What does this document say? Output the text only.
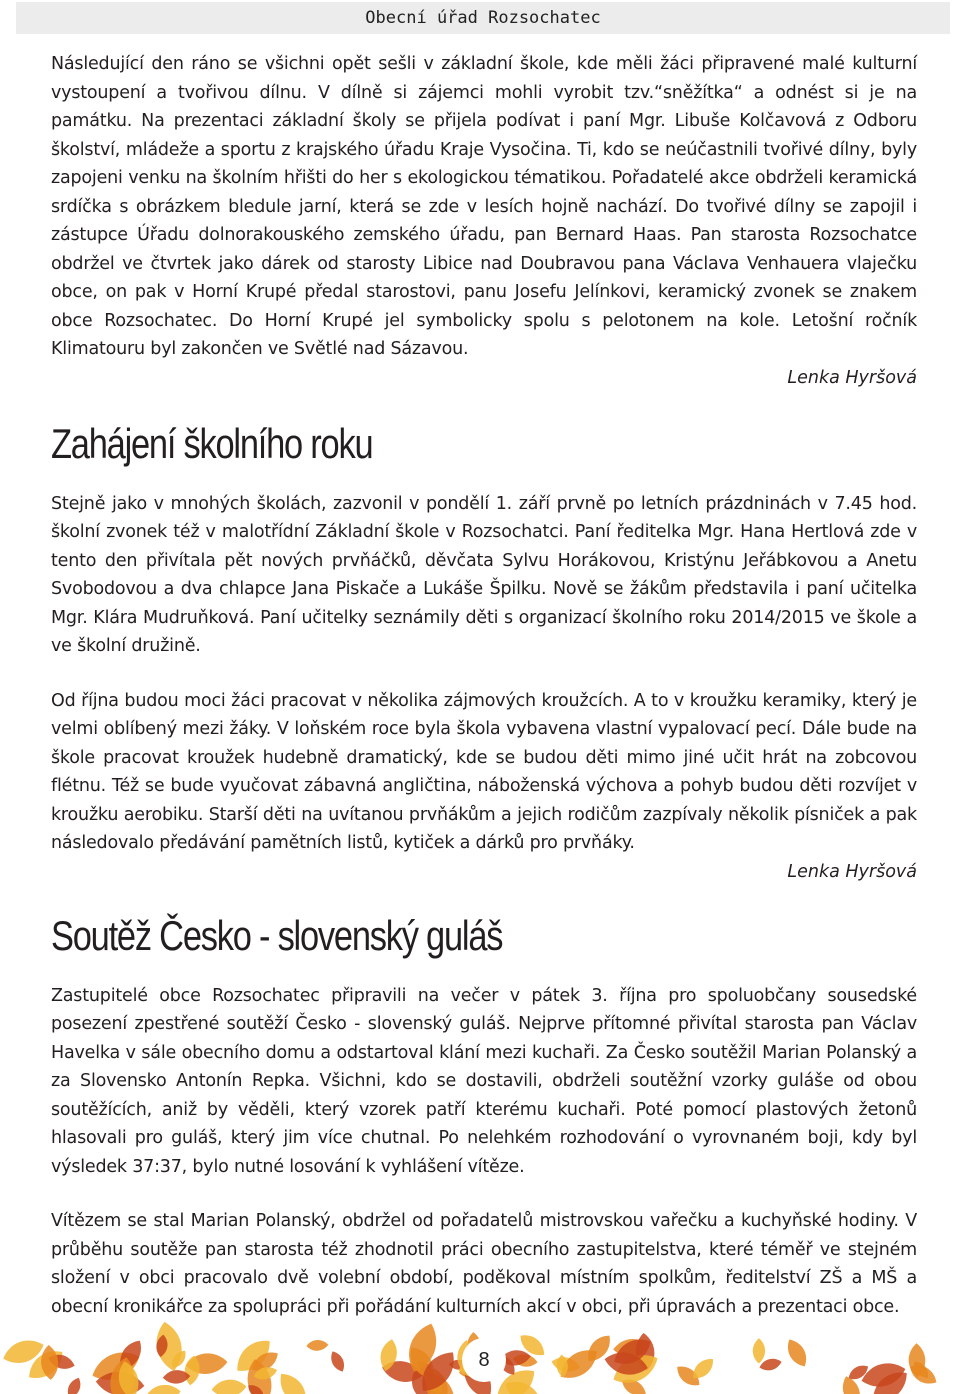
Obecní úřad Rozsochatec

Následující den ráno se všichni opět sešli v základní škole, kde měli žáci připravené malé kulturní vystoupení a tvořivou dílnu. V dílně si zájemci mohli vyrobit tzv.“sněžítka“ a odnést si je na památku. Na prezentaci základní školy se přijela podívat i paní Mgr. Libuše Kolčavová z Odboru školství, mládeže a sportu z krajského úřadu Kraje Vysočina. Ti, kdo se neúčastnili tvořivé dílny, byly zapojeni venku na školním hřišti do her s ekologickou tématikou. Pořadatelé akce obdrželi keramická srdíčka s obrázkem bledule jarní, která se zde v lesích hojně nachází. Do tvořivé dílny se zapojil i zástupce Úřadu dolnorakouského zemského úřadu, pan Bernard Haas. Pan starosta Rozsochatce obdržel ve čtvrtek jako dárek od starosty Libice nad Doubravou pana Václava Venhauera vlaječku obce, on pak v Horní Krupé předal starostovi, panu Josefu Jelínkovi, keramický zvonek se znakem obce Rozsochatec. Do Horní Krupé jel symbolicky spolu s pelotonem na kole. Letošní ročník Klimatouru byl zakončen ve Světlé nad Sázavou.

Lenka Hyršová

Zahájení školního roku

Stejně jako v mnohých školách, zazvonil v pondělí 1. září prvně po letních prázdninách v 7.45 hod. školní zvonek též v malotřídní Základní škole v Rozsochatci. Paní ředitelka Mgr. Hana Hertlová zde v tento den přivítala pět nových prvňáčků, děvčata Sylvu Horákovou, Kristýnu Jeřábkovou a Anetu Svobodovou a dva chlapce Jana Piskače a Lukáše Špilku. Nově se žákům představila i paní učitelka Mgr. Klára Mudruňková. Paní učitelky seznámily děti s organizací školního roku 2014/2015 ve škole a ve školní družině.

Od října budou moci žáci pracovat v několika zájmových kroužcích. A to v kroužku keramiky, který je velmi oblíbený mezi žáky. V loňském roce byla škola vybavena vlastní vypalovací pecí. Dále bude na škole pracovat kroužek hudebně dramatický, kde se budou děti mimo jiné učit hrát na zobcovou flétnu. Též se bude vyučovat zábavná angličtina, náboženská výchova a pohyb budou děti rozvíjet v kroužku aerobiku. Starší děti na uvítanou prvňákům a jejich rodičům zazpívaly několik písniček a pak následovalo předávání pamětních listů, kytiček a dárků pro prvňáky.

Lenka Hyršová

Soutěž Česko - slovenský guláš

Zastupitelé obce Rozsochatec připravili na večer v pátek 3. října pro spoluobčany sousedské posezení zpestřené soutěží Česko - slovenský guláš. Nejprve přítomné přivítal starosta pan Václav Havelka v sále obecního domu a odstartoval klání mezi kuchaři. Za Česko soutěžil Marian Polanský a za Slovensko Antonín Repka. Všichni, kdo se dostavili, obdrželi soutěžní vzorky guláše od obou soutěžících, aniž by věděli, který vzorek patří kterému kuchaři. Poté pomocí plastových žetonů hlasovali pro guláš, který jim více chutnal. Po nelehkém rozhodování o vyrovnaném boji, kdy byl výsledek 37:37, bylo nutné losování k vyhlášení vítěze.

Vítězem se stal Marian Polanský, obdržel od pořadatelů mistrovskou vařečku a kuchyňské hodiny. V průběhu soutěže pan starosta též zhodnotil práci obecního zastupitelstva, které téměř ve stejném složení v obci pracovalo dvě volební období, poděkoval místním spolkům, ředitelství ZŠ a MŠ a obecní kronikářce za spolupráci při pořádání kulturních akcí v obci, při úpravách a prezentaci obce.

8
